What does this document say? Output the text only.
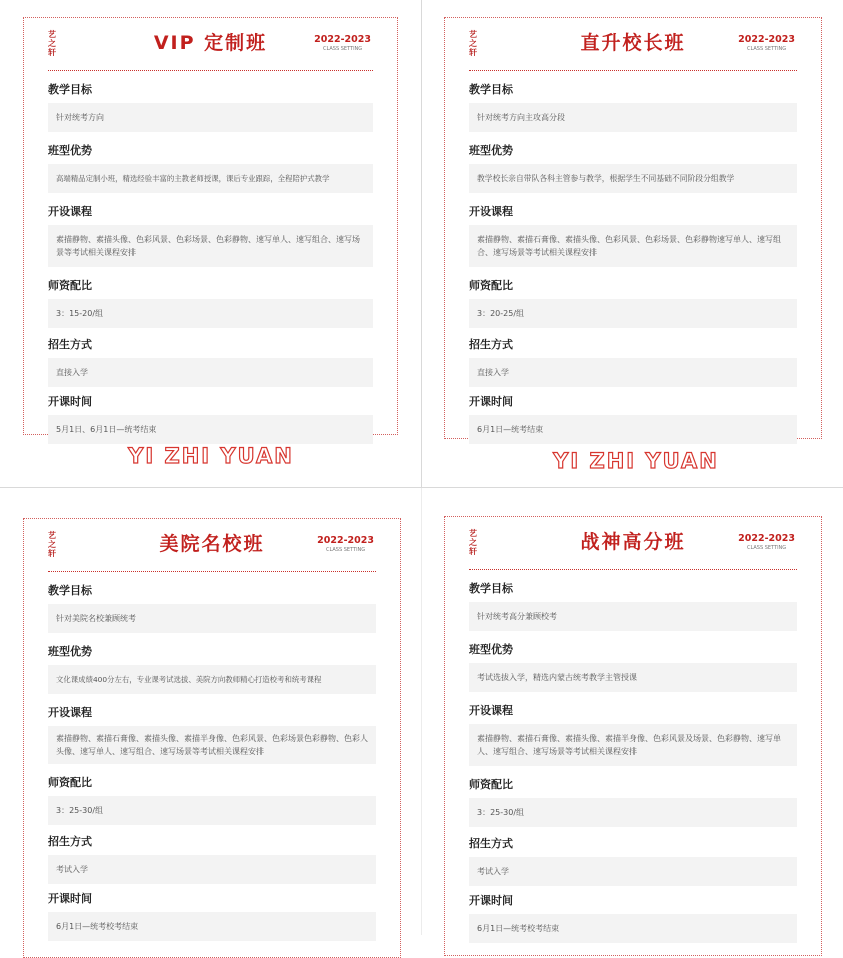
艺
之
轩	VIP 定制班	2022-2023
CLASS SETTING
教学目标
针对统考方向
班型优势
高端精品定制小班，精选经验丰富的主教老师授课，课后专业跟踪，全程陪护式教学
开设课程
素描静物、素描头像、色彩风景、色彩场景、色彩静物、速写单人、速写组合、速写场景等考试相关课程安排
师资配比
3：15-20/组
招生方式
直接入学
开课时间
5月1日、6月1日—统考结束
YI ZHI YUAN
艺
之
轩	直升校长班	2022-2023
CLASS SETTING
教学目标
针对统考方向主攻高分段
班型优势
教学校长亲自带队各科主管参与教学，根据学生不同基础不同阶段分组教学
开设课程
素描静物、素描石膏像、素描头像、色彩风景、色彩场景、色彩静物速写单人、速写组合、速写场景等考试相关课程安排
师资配比
3：20-25/组
招生方式
直接入学
开课时间
6月1日—统考结束
YI ZHI YUAN
艺
之
轩	美院名校班	2022-2023
CLASS SETTING
教学目标
针对美院名校兼顾统考
班型优势
文化课成绩400分左右，专业课考试选拔、美院方向教师精心打造校考和统考课程
开设课程
素描静物、素描石膏像、素描头像、素描半身像、色彩风景、色彩场景色彩静物、色彩人头像、速写单人、速写组合、速写场景等考试相关课程安排
师资配比
3：25-30/组
招生方式
考试入学
开课时间
6月1日—统考校考结束
艺
之
轩	战神高分班	2022-2023
CLASS SETTING
教学目标
针对统考高分兼顾校考
班型优势
考试选拔入学，精选内蒙古统考教学主管授课
开设课程
素描静物、素描石膏像、素描头像、素描半身像、色彩风景及场景、色彩静物、速写单人、速写组合、速写场景等考试相关课程安排
师资配比
3：25-30/组
招生方式
考试入学
开课时间
6月1日—统考校考结束
